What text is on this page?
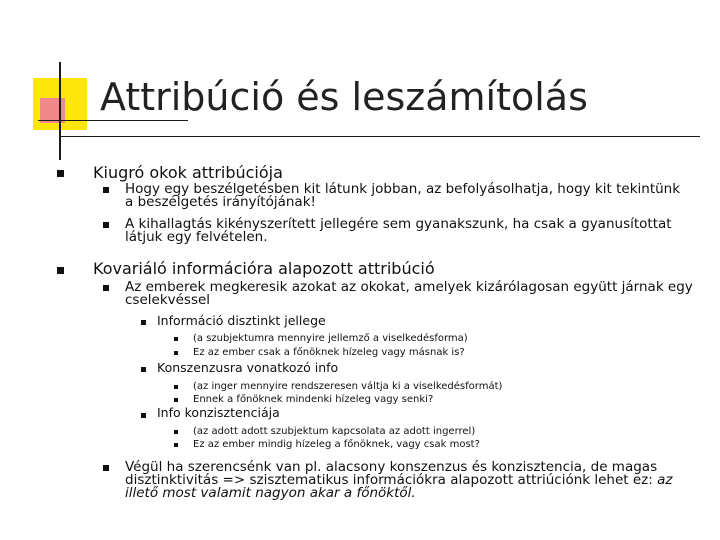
Attribúció és leszámítolás

Kiugró okok attribúciója

Hogy egy beszélgetésben kit látunk jobban, az befolyásolhatja, hogy kit tekintünk a beszélgetés irányítójának!

A kihallagtás kikényszerített jellegére sem gyanakszunk, ha csak a gyanusítottat látjuk egy felvételen.

Kovariáló információra alapozott attribúció

Az emberek megkeresik azokat az okokat, amelyek kizárólagosan együtt járnak egy cselekvéssel

Információ disztinkt jellege

(a szubjektumra mennyire jellemző a viselkedésforma)

Ez az ember csak a főnöknek hízeleg vagy másnak is?

Konszenzusra vonatkozó info

(az inger mennyire rendszeresen váltja ki a viselkedésformát)

Ennek a főnöknek mindenki hízeleg vagy senki?

Info konzisztenciája

(az adott adott szubjektum kapcsolata az adott ingerrel)

Ez az ember mindig hízeleg a főnöknek, vagy csak most?

Végül ha szerencsénk van pl. alacsony konszenzus és konzisztencia, de magas disztinktivitás => szisztematikus információkra alapozott attriúciónk lehet ez: az illető most valamit nagyon akar a főnöktől.
